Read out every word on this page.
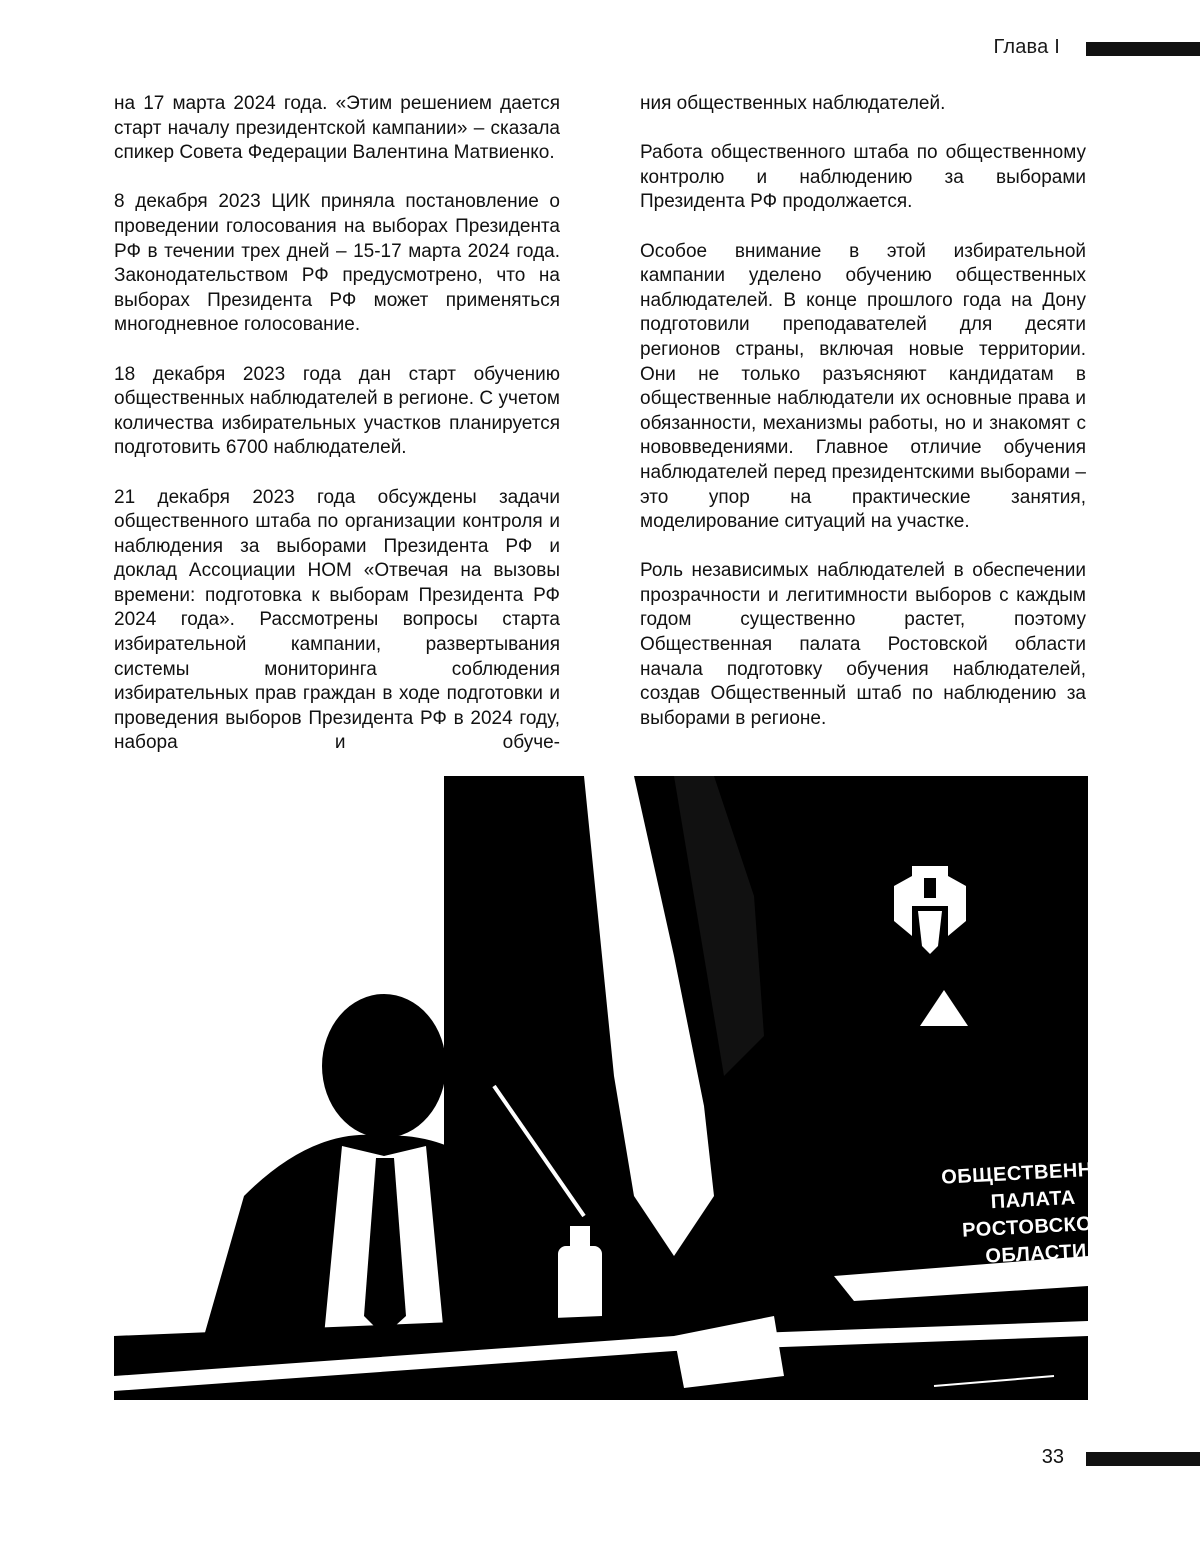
Глава I

на 17 марта 2024 года. «Этим решением дается старт началу президентской кампании» – сказала спикер Совета Федерации Валентина Матвиенко.

8 декабря 2023 ЦИК приняла постановление о проведении голосования на выборах Президента РФ в течении трех дней – 15-17 марта 2024 года. Законодательством РФ предусмотрено, что на выборах Президента РФ может применяться многодневное голосование.

18 декабря 2023 года дан старт обучению общественных наблюдателей в регионе. С учетом количества избирательных участков планируется подготовить 6700 наблюдателей.

21 декабря 2023 года обсуждены задачи общественного штаба по организации контроля и наблюдения за выборами Президента РФ и доклад Ассоциации НОМ «Отвечая на вызовы времени: подготовка к выборам Президента РФ 2024 года». Рассмотрены вопросы старта избирательной кампании, развертывания системы мониторинга соблюдения избирательных прав граждан в ходе подготовки и проведения выборов Президента РФ в 2024 году, набора и обуче-

ния общественных наблюдателей.

Работа общественного штаба по общественному контролю и наблюдению за выборами Президента РФ продолжается.

Особое внимание в этой избирательной кампании уделено обучению общественных наблюдателей. В конце прошлого года на Дону подготовили преподавателей для десяти регионов страны, включая новые территории. Они не только разъясняют кандидатам в общественные наблюдатели их основные права и обязанности, механизмы работы, но и знакомят с нововведениями. Главное отличие обучения наблюдателей перед президентскими выборами – это упор на практические занятия, моделирование ситуаций на участке.

Роль независимых наблюдателей в обеспечении прозрачности и легитимности выборов с каждым годом существенно растет, поэтому Общественная палата Ростовской области начала подготовку обучения наблюдателей, создав Общественный штаб по наблюдению за выборами в регионе.

ОБЩЕСТВЕННАЯ
ПАЛАТА
РОСТОВСКОЙ
ОБЛАСТИ
33
